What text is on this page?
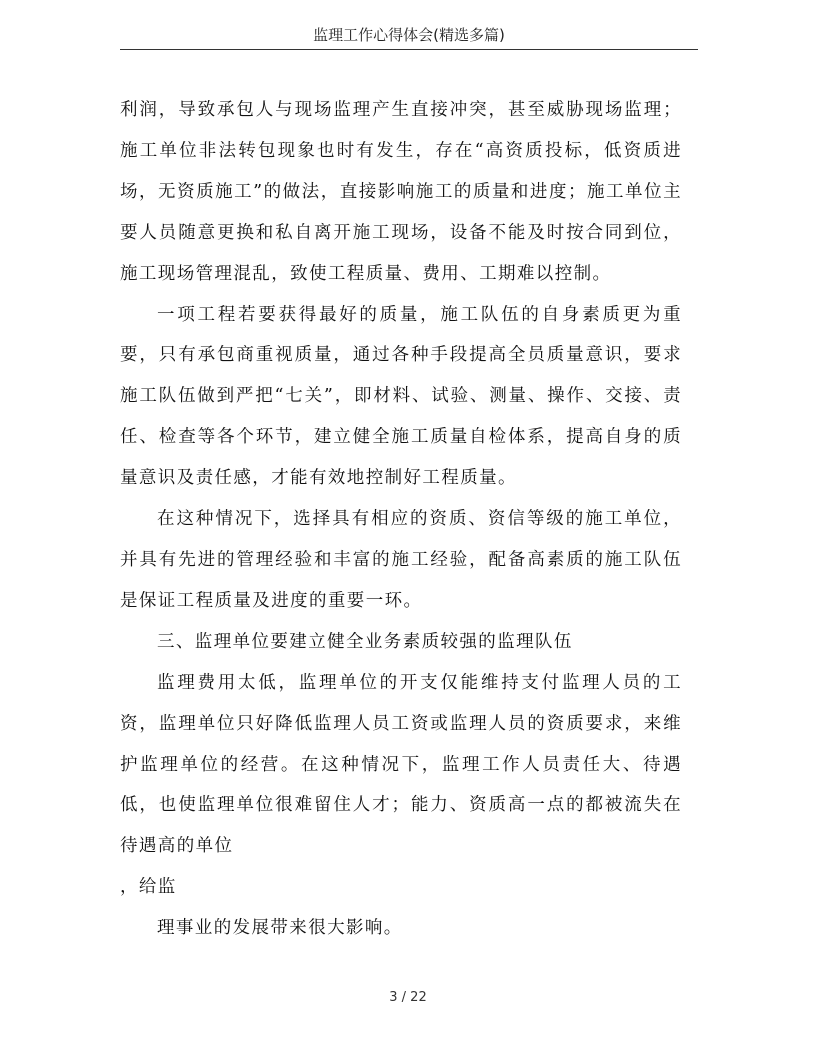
监理工作心得体会(精选多篇)

利润，导致承包人与现场监理产生直接冲突，甚至威胁现场监理；施工单位非法转包现象也时有发生，存在“高资质投标，低资质进场，无资质施工”的做法，直接影响施工的质量和进度；施工单位主要人员随意更换和私自离开施工现场，设备不能及时按合同到位，施工现场管理混乱，致使工程质量、费用、工期难以控制。

一项工程若要获得最好的质量，施工队伍的自身素质更为重要，只有承包商重视质量，通过各种手段提高全员质量意识，要求施工队伍做到严把“七关”，即材料、试验、测量、操作、交接、责任、检查等各个环节，建立健全施工质量自检体系，提高自身的质量意识及责任感，才能有效地控制好工程质量。

在这种情况下，选择具有相应的资质、资信等级的施工单位，并具有先进的管理经验和丰富的施工经验，配备高素质的施工队伍是保证工程质量及进度的重要一环。

三、监理单位要建立健全业务素质较强的监理队伍

监理费用太低，监理单位的开支仅能维持支付监理人员的工资，监理单位只好降低监理人员工资或监理人员的资质要求，来维护监理单位的经营。在这种情况下，监理工作人员责任大、待遇低，也使监理单位很难留住人才；能力、资质高一点的都被流失在待遇高的单位

，给监

理事业的发展带来很大影响。

3 / 22
